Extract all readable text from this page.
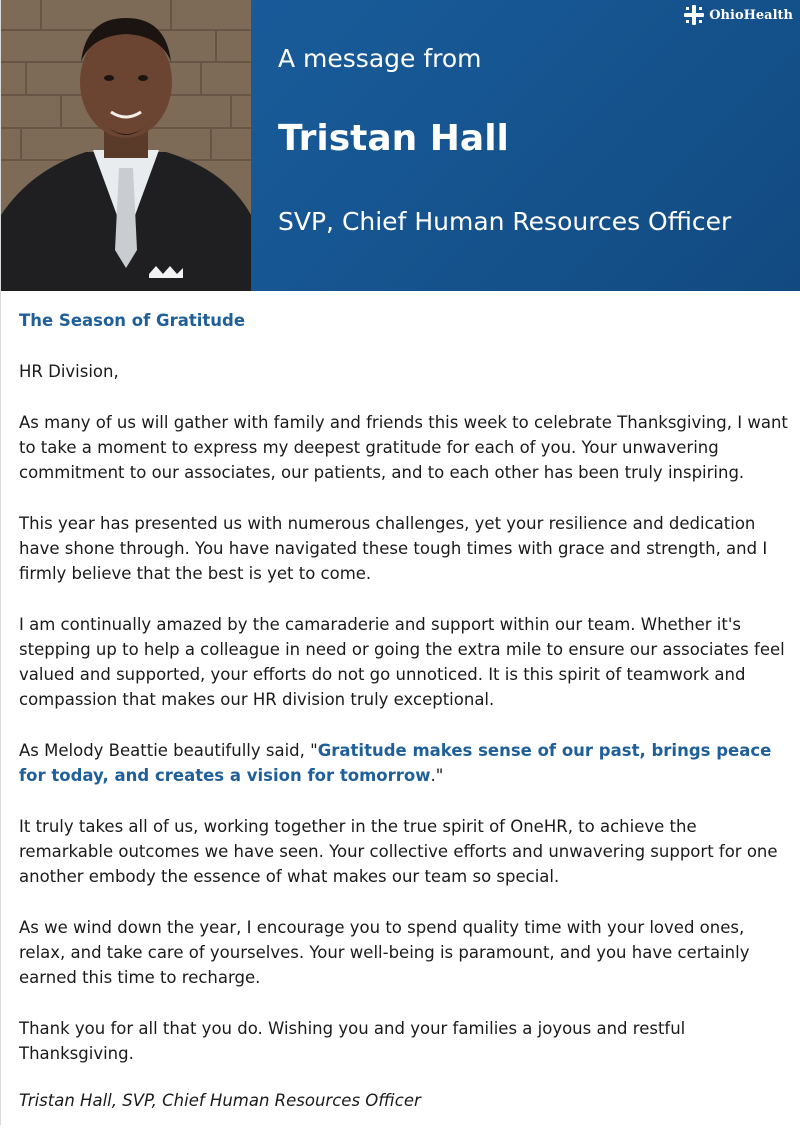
A message from
Tristan Hall
SVP, Chief Human Resources Officer
OhioHealth

The Season of Gratitude

HR Division,

As many of us will gather with family and friends this week to celebrate Thanksgiving, I want to take a moment to express my deepest gratitude for each of you. Your unwavering commitment to our associates, our patients, and to each other has been truly inspiring.

This year has presented us with numerous challenges, yet your resilience and dedication have shone through. You have navigated these tough times with grace and strength, and I firmly believe that the best is yet to come.

I am continually amazed by the camaraderie and support within our team. Whether it's stepping up to help a colleague in need or going the extra mile to ensure our associates feel valued and supported, your efforts do not go unnoticed. It is this spirit of teamwork and compassion that makes our HR division truly exceptional.

As Melody Beattie beautifully said, "Gratitude makes sense of our past, brings peace for today, and creates a vision for tomorrow."

It truly takes all of us, working together in the true spirit of OneHR, to achieve the remarkable outcomes we have seen. Your collective efforts and unwavering support for one another embody the essence of what makes our team so special.

As we wind down the year, I encourage you to spend quality time with your loved ones, relax, and take care of yourselves. Your well-being is paramount, and you have certainly earned this time to recharge.

Thank you for all that you do. Wishing you and your families a joyous and restful Thanksgiving.

Tristan Hall, SVP, Chief Human Resources Officer
